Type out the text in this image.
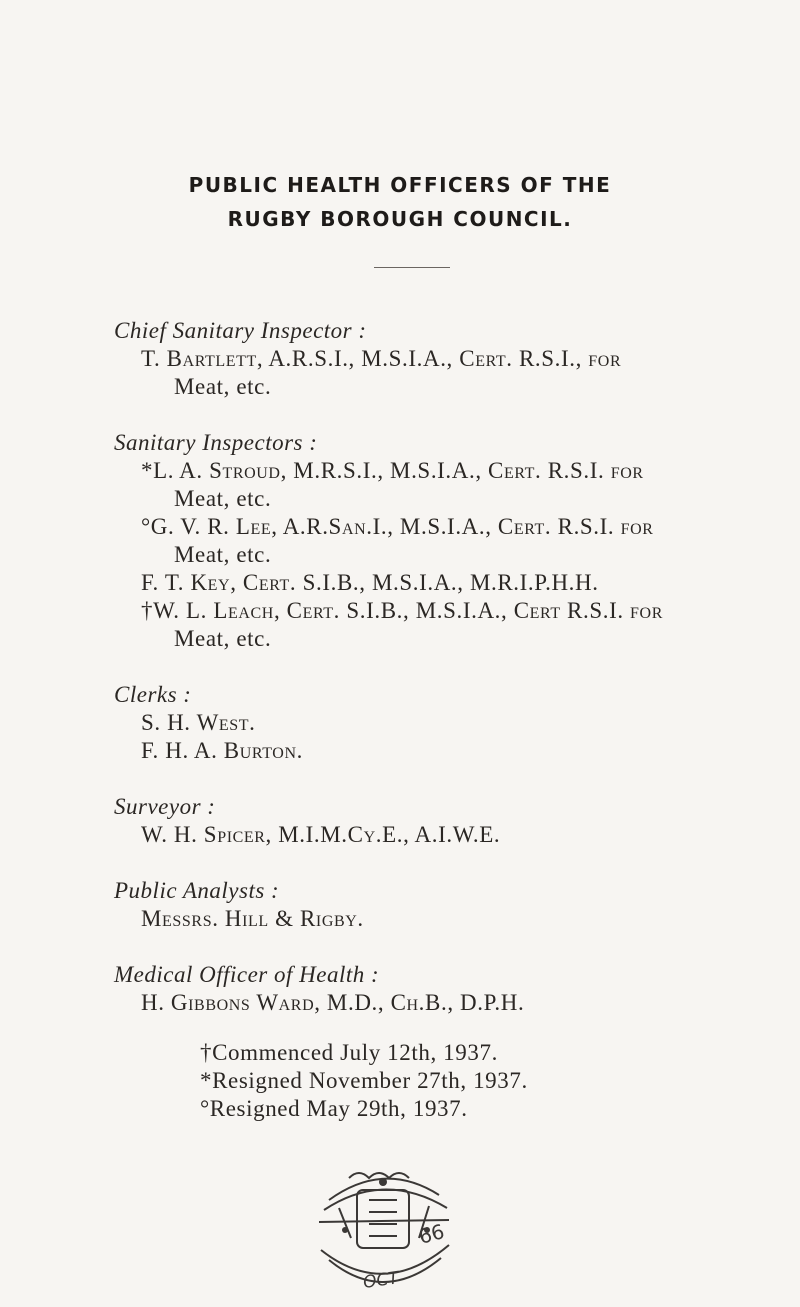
PUBLIC HEALTH OFFICERS OF THE
RUGBY BOROUGH COUNCIL.
Chief Sanitary Inspector :
T. Bartlett, A.R.S.I., M.S.I.A., Cert. R.S.I., for
Meat, etc.
Sanitary Inspectors :
*L. A. Stroud, M.R.S.I., M.S.I.A., Cert. R.S.I. for
Meat, etc.
°G. V. R. Lee, A.R.San.I., M.S.I.A., Cert. R.S.I. for
Meat, etc.
F. T. Key, Cert. S.I.B., M.S.I.A., M.R.I.P.H.H.
†W. L. Leach, Cert. S.I.B., M.S.I.A., Cert R.S.I. for
Meat, etc.
Clerks :
S. H. West.
F. H. A. Burton.
Surveyor :
W. H. Spicer, M.I.M.Cy.E., A.I.W.E.
Public Analysts :
Messrs. Hill & Rigby.
Medical Officer of Health :
H. Gibbons Ward, M.D., Ch.B., D.P.H.
†Commenced July 12th, 1937.
*Resigned November 27th, 1937.
°Resigned May 29th, 1937.
66
OCT
